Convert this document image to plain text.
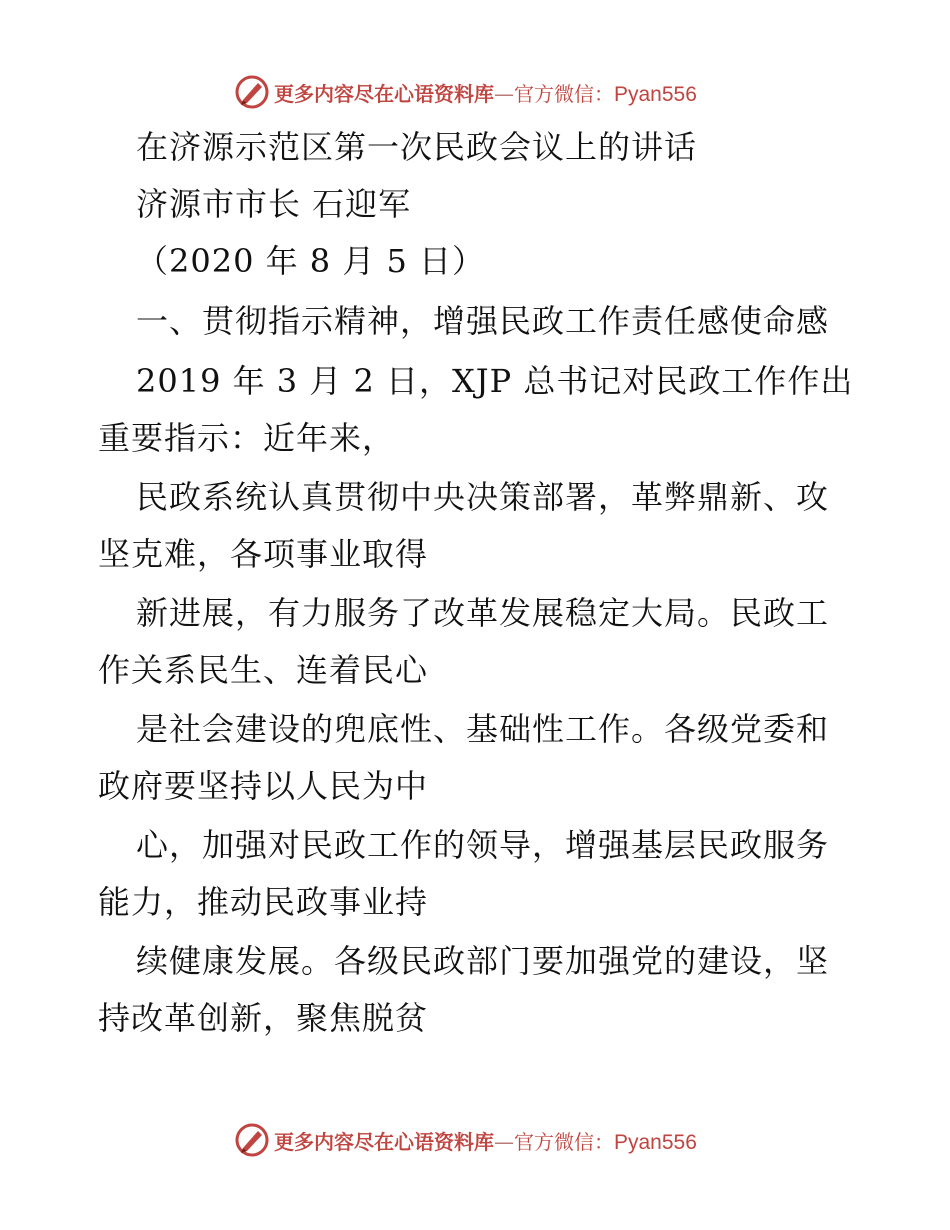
更多内容尽在心语资料库—官方微信：Pyan556
在济源示范区第一次民政会议上的讲话
济源市市长 石迎军
（2020 年 8 月 5 日）
一、贯彻指示精神，增强民政工作责任感使命感
2019 年 3 月 2 日，XJP 总书记对民政工作作出
重要指示：近年来，
民政系统认真贯彻中央决策部署，革弊鼎新、攻
坚克难，各项事业取得
新进展，有力服务了改革发展稳定大局。民政工
作关系民生、连着民心
是社会建设的兜底性、基础性工作。各级党委和
政府要坚持以人民为中
心，加强对民政工作的领导，增强基层民政服务
能力，推动民政事业持
续健康发展。各级民政部门要加强党的建设，坚
持改革创新，聚焦脱贫
更多内容尽在心语资料库—官方微信：Pyan556
